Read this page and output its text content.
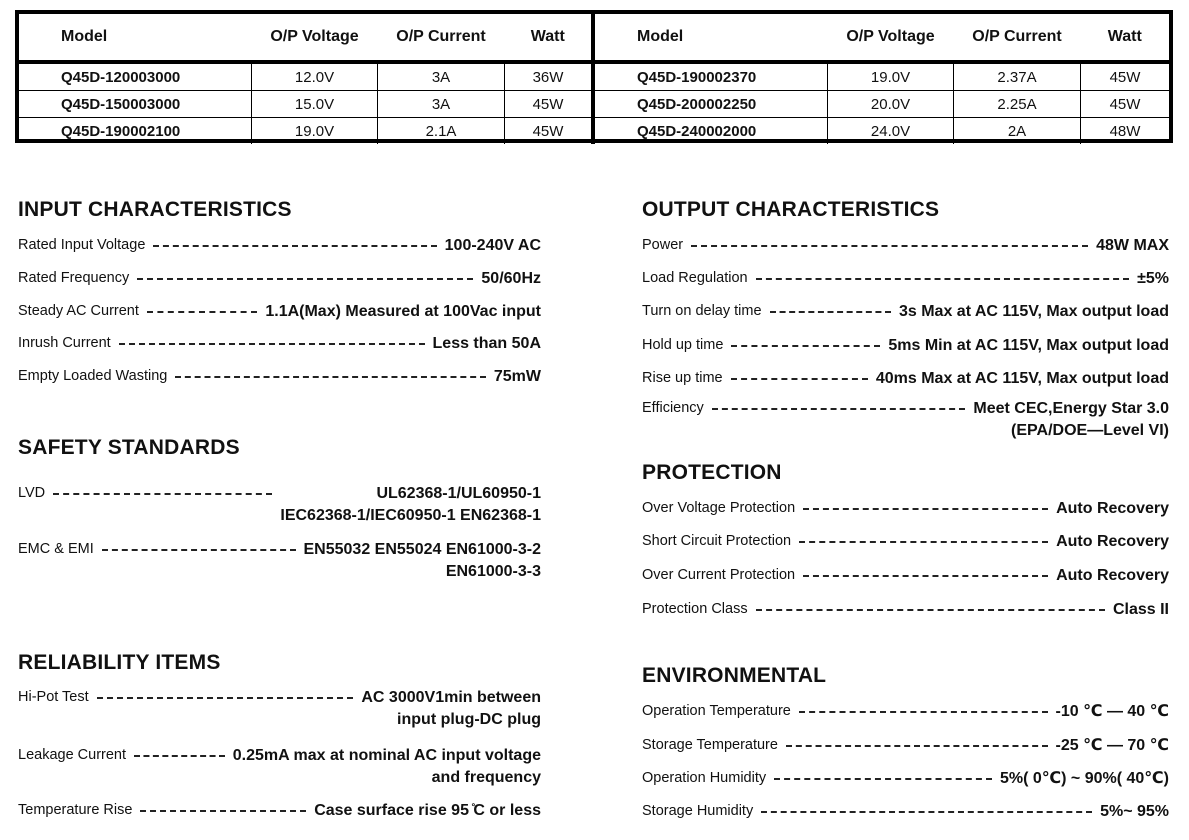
Model	O/P Voltage	O/P Current	Watt
Q45D-120003000	12.0V	3A	36W
Q45D-150003000	15.0V	3A	45W
Q45D-190002100	19.0V	2.1A	45W
Model	O/P Voltage	O/P Current	Watt
Q45D-190002370	19.0V	2.37A	45W
Q45D-200002250	20.0V	2.25A	45W
Q45D-240002000	24.0V	2A	48W
INPUT CHARACTERISTICS
Rated Input Voltage	100-240V AC
Rated Frequency	50/60Hz
Steady AC Current	1.1A(Max) Measured at 100Vac input
Inrush Current	Less than 50A
Empty Loaded Wasting	75mW
SAFETY STANDARDS
LVD	UL62368-1/UL60950-1
IEC62368-1/IEC60950-1 EN62368-1
EMC & EMI	EN55032 EN55024 EN61000-3-2
EN61000-3-3
RELIABILITY ITEMS
Hi-Pot Test	AC 3000V1min between
input plug-DC plug
Leakage Current	0.25mA max at nominal AC input voltage
and frequency
Temperature Rise	Case surface rise 95 ̊C or less
OUTPUT CHARACTERISTICS
Power	48W MAX
Load Regulation	±5%
Turn on delay time	3s Max at AC 115V, Max output load
Hold up time	5ms Min at AC 115V, Max output load
Rise up time	40ms Max at AC 115V, Max output load
Efficiency	Meet CEC,Energy Star 3.0
(EPA/DOE—Level VI)
PROTECTION
Over Voltage Protection	Auto Recovery
Short Circuit Protection	Auto Recovery
Over Current Protection	Auto Recovery
Protection Class	Class II
ENVIRONMENTAL
Operation Temperature	-10 ℃ — 40 ℃
Storage Temperature	-25 ℃ — 70 ℃
Operation Humidity	5%( 0℃) ~ 90%( 40℃)
Storage Humidity	5%~ 95%
